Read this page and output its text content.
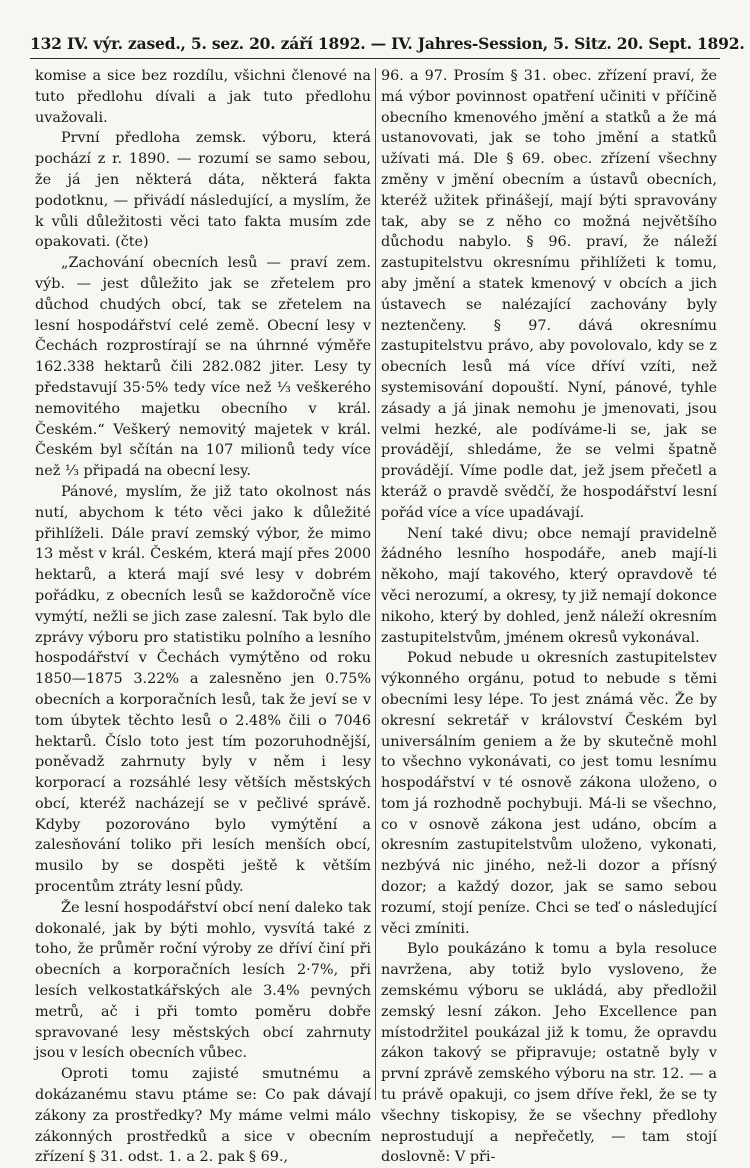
132 IV. výr. zased., 5. sez. 20. září 1892. — IV. Jahres-Session, 5. Sitz. 20. Sept. 1892.

komise a sice bez rozdílu, všichni členové na tuto předlohu dívali a jak tuto předlohu uvažovali.

První předloha zemsk. výboru, která pochází z r. 1890. — rozumí se samo sebou, že já jen některá dáta, některá fakta podotknu, — přivádí následující, a myslím, že k vůli důležitosti věci tato fakta musím zde opakovati. (čte)

„Zachování obecních lesů — praví zem. výb. — jest důležito jak se zřetelem pro důchod chudých obcí, tak se zřetelem na lesní hospodářství celé země. Obecní lesy v Čechách rozprostírají se na úhrnné výměře 162.338 hektarů čili 282.082 jiter. Lesy ty představují 35·5% tedy více než ⅓ veškerého nemovitého majetku obecního v král. Českém.“ Veškerý nemovitý majetek v král. Českém byl sčítán na 107 milionů tedy více než ⅓ připadá na obecní lesy.

Pánové, myslím, že již tato okolnost nás nutí, abychom k této věci jako k důležité přihlíželi. Dále praví zemský výbor, že mimo 13 měst v král. Českém, která mají přes 2000 hektarů, a která mají své lesy v dobrém pořádku, z obecních lesů se každoročně více vymýtí, nežli se jich zase zalesní. Tak bylo dle zprávy výboru pro statistiku polního a lesního hospodářství v Čechách vymýtěno od roku 1850—1875 3.22% a zalesněno jen 0.75% obecních a korporačních lesů, tak že jeví se v tom úbytek těchto lesů o 2.48% čili o 7046 hektarů. Číslo toto jest tím pozoruhodnější, poněvadž zahrnuty byly v něm i lesy korporací a rozsáhlé lesy větších městských obcí, kteréž nacházejí se v pečlivé správě. Kdyby pozorováno bylo vymýtění a zalesňování toliko při lesích menších obcí, musilo by se dospěti ještě k větším procentům ztráty lesní půdy.

Že lesní hospodářství obcí není daleko tak dokonalé, jak by býti mohlo, vysvítá také z toho, že průměr roční výroby ze dříví činí při obecních a korporačních lesích 2·7%, při lesích velkostatkářských ale 3.4% pevných metrů, ač i při tomto poměru dobře spravované lesy městských obcí zahrnuty jsou v lesích obecních vůbec.

Oproti tomu zajisté smutnému a dokázanému stavu ptáme se: Co pak dávají zákony za prostředky? My máme velmi málo zákonných prostředků a sice v obecním zřízení § 31. odst. 1. a 2. pak § 69.,

96. a 97. Prosím § 31. obec. zřízení praví, že má výbor povinnost opatření učiniti v příčině obecního kmenového jmění a statků a že má ustanovovati, jak se toho jmění a statků užívati má. Dle § 69. obec. zřízení všechny změny v jmění obecním a ústavů obecních, kteréž užitek přinášejí, mají býti spravovány tak, aby se z něho co možná největšího důchodu nabylo. § 96. praví, že náleží zastupitelstvu okresnímu přihlížeti k tomu, aby jmění a statek kmenový v obcích a jich ústavech se nalézající zachovány byly neztenčeny. § 97. dává okresnímu zastupitelstvu právo, aby povolovalo, kdy se z obecních lesů má více dříví vzíti, než systemisování dopouští. Nyní, pánové, tyhle zásady a já jinak nemohu je jmenovati, jsou velmi hezké, ale podíváme-li se, jak se provádějí, shledáme, že se velmi špatně provádějí. Víme podle dat, jež jsem přečetl a kteráž o pravdě svědčí, že hospodářství lesní pořád více a více upadávají.

Není také divu; obce nemají pravidelně žádného lesního hospodáře, aneb mají-li někoho, mají takového, který opravdově té věci nerozumí, a okresy, ty již nemají dokonce nikoho, který by dohled, jenž náleží okresním zastupitelstvům, jménem okresů vykonával.

Pokud nebude u okresních zastupitelstev výkonného orgánu, potud to nebude s těmi obecními lesy lépe. To jest známá věc. Že by okresní sekretář v království Českém byl universálním geniem a že by skutečně mohl to všechno vykonávati, co jest tomu lesnímu hospodářství v té osnově zákona uloženo, o tom já rozhodně pochybuji. Má-li se všechno, co v osnově zákona jest udáno, obcím a okresním zastupitelstvům uloženo, vykonati, nezbývá nic jiného, než-li dozor a přísný dozor; a každý dozor, jak se samo sebou rozumí, stojí peníze. Chci se teď o následující věci zmíniti.

Bylo poukázáno k tomu a byla resoluce navržena, aby totiž bylo vysloveno, že zemskému výboru se ukládá, aby předložil zemský lesní zákon. Jeho Excellence pan místodržitel poukázal již k tomu, že opravdu zákon takový se připravuje; ostatně byly v první zprávě zemského výboru na str. 12. — a tu právě opakuji, co jsem dříve řekl, že se ty všechny tiskopisy, že se všechny předlohy neprostudují a nepřečetly, — tam stojí doslovně: V při-
